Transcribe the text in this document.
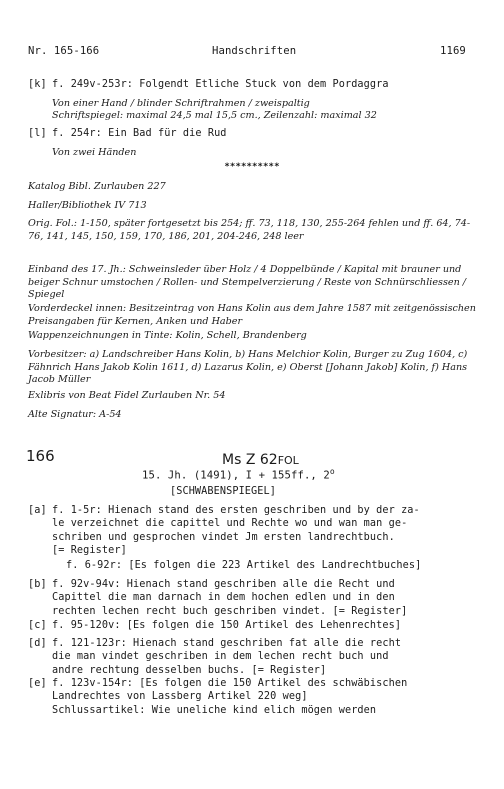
Nr. 165-166	Handschriften	1169
[k] f. 249v-253r: Folgendt Etliche Stuck von dem Pordaggra
Von einer Hand / blinder Schriftrahmen / zweispaltig
Schriftspiegel: maximal 24,5 mal 15,5 cm., Zeilenzahl: maximal 32
[l] f. 254r: Ein Bad für die Rud
Von zwei Händen
**********
Katalog Bibl. Zurlauben 227
Haller/Bibliothek IV 713
Orig. Fol.: 1-150, später fortgesetzt bis 254; ff. 73, 118, 130, 255-264 fehlen und ff. 64, 74-76, 141, 145, 150, 159, 170, 186, 201, 204-246, 248 leer
Einband des 17. Jh.: Schweinsleder über Holz / 4 Doppelbünde / Kapital mit brauner und beiger Schnur umstochen / Rollen- und Stempelverzierung / Reste von Schnürschliessen / Spiegel
Vorderdeckel innen: Besitzeintrag von Hans Kolin aus dem Jahre 1587 mit zeitgenössischen Preisangaben für Kernen, Anken und Haber
Wappenzeichnungen in Tinte: Kolin, Schell, Brandenberg
Vorbesitzer: a) Landschreiber Hans Kolin, b) Hans Melchior Kolin, Burger zu Zug 1604, c) Fähnrich Hans Jakob Kolin 1611, d) Lazarus Kolin, e) Oberst [Johann Jakob] Kolin, f) Hans Jacob Müller
Exlibris von Beat Fidel Zurlauben Nr. 54
Alte Signatur: A-54
166	Ms Z 62FOL
15. Jh. (1491), I + 155ff., 2$^o$
[SCHWABENSPIEGEL]
[a] f. 1-5r: Hienach stand des ersten geschriben und by der za-
le verzeichnet die capittel und Rechte wo und wan man ge-
schriben und gesprochen vindet Jm ersten landrechtbuch.
[= Register]
f. 6-92r: [Es folgen die 223 Artikel des Landrechtbuches]
[b] f. 92v-94v: Hienach stand geschriben alle die Recht und
Capittel die man darnach in dem hochen edlen und in den
rechten lechen recht buch geschriben vindet. [= Register]
[c] f. 95-120v: [Es folgen die 150 Artikel des Lehenrechtes]
[d] f. 121-123r: Hienach stand geschriben fat alle die recht
die man vindet geschriben in dem lechen recht buch und
andre rechtung desselben buchs. [= Register]
[e] f. 123v-154r: [Es folgen die 150 Artikel des schwäbischen
Landrechtes von Lassberg Artikel 220 weg]
Schlussartikel: Wie uneliche kind elich mögen werden
